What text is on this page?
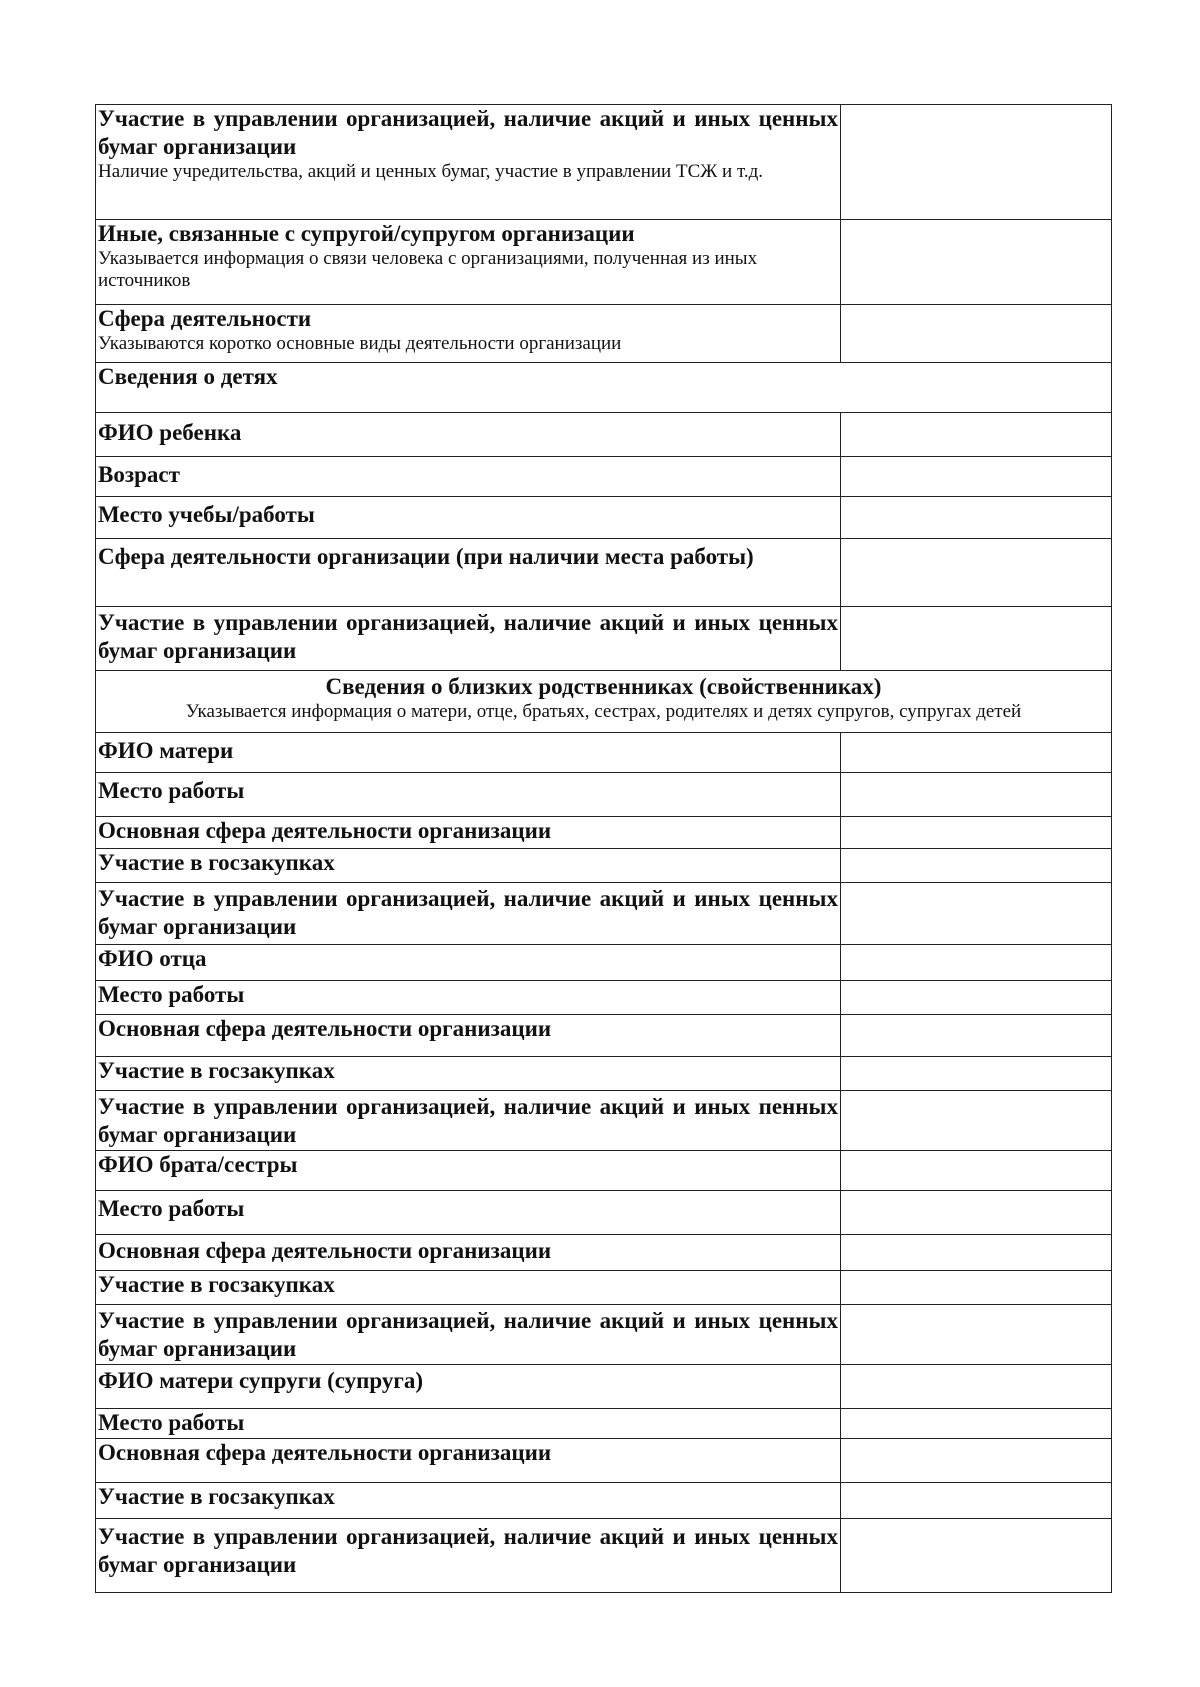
Участие в управлении организацией, наличие акций и иных ценных бумаг организации
Наличие учредительства, акций и ценных бумаг, участие в управлении ТСЖ и т.д.	

Иные, связанные с супругой/супругом организации
Указывается информация о связи человека с организациями, полученная из иных источников	

Сфера деятельности
Указываются коротко основные виды деятельности организации	

Сведения о детях	

ФИО ребенка	

Возраст	

Место учебы/работы	

Сфера деятельности организации (при наличии места работы)	

Участие в управлении организацией, наличие акций и иных ценных бумаг организации	

Сведения о близких родственниках (свойственниках)
Указывается информация о матери, отце, братьях, сестрах, родителях и детях супругов, супругах детей	

ФИО матери	

Место работы	

Основная сфера деятельности организации	

Участие в госзакупках	

Участие в управлении организацией, наличие акций и иных ценных бумаг организации	

ФИО отца	

Место работы	

Основная сфера деятельности организации	

Участие в госзакупках	

Участие в управлении организацией, наличие акций и иных пенных бумаг организации	

ФИО брата/сестры	

Место работы	

Основная сфера деятельности организации	

Участие в госзакупках	

Участие в управлении организацией, наличие акций и иных ценных бумаг организации	

ФИО матери супруги (супруга)	

Место работы	

Основная сфера деятельности организации	

Участие в госзакупках	

Участие в управлении организацией, наличие акций и иных ценных бумаг организации	
